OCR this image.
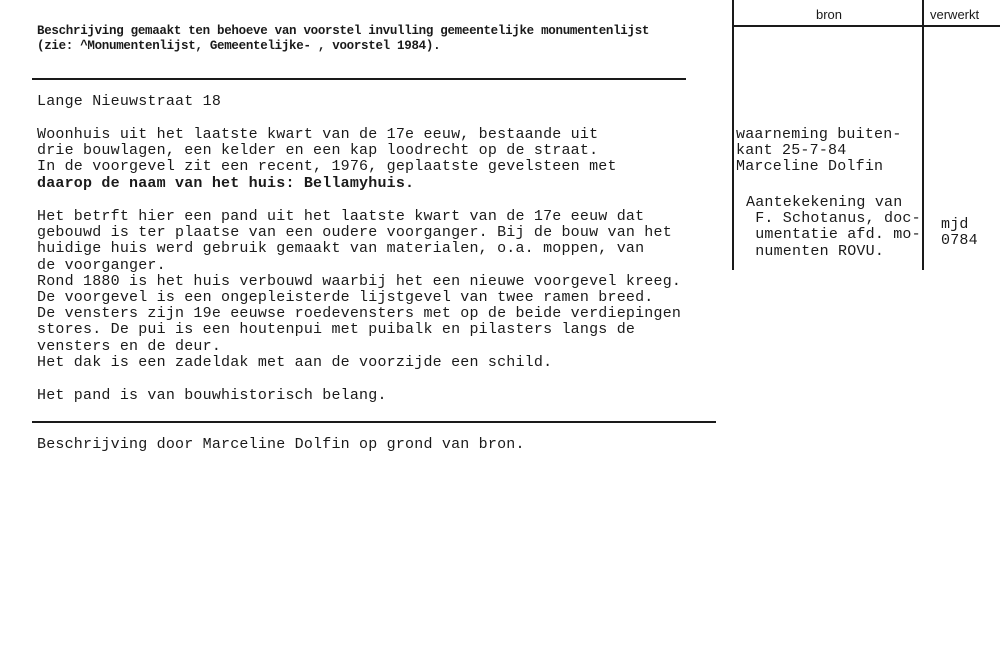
Beschrijving gemaakt ten behoeve van voorstel invulling gemeentelijke monumentenlijst
(zie: ^Monumentenlijst, Gemeentelijke- , voorstel 1984).
bron	verwerkt
Lange Nieuwstraat 18
Woonhuis uit het laatste kwart van de 17e eeuw, bestaande uit
drie bouwlagen, een kelder en een kap loodrecht op de straat.
In de voorgevel zit een recent, 1976, geplaatste gevelsteen met
daarop de naam van het huis: Bellamyhuis.
Het betrft hier een pand uit het laatste kwart van de 17e eeuw dat
gebouwd is ter plaatse van een oudere voorganger. Bij de bouw van het
huidige huis werd gebruik gemaakt van materialen, o.a. moppen, van
de voorganger.
Rond 1880 is het huis verbouwd waarbij het een nieuwe voorgevel kreeg.
De voorgevel is een ongepleisterde lijstgevel van twee ramen breed.
De vensters zijn 19e eeuwse roedevensters met op de beide verdiepingen
stores. De pui is een houtenpui met puibalk en pilasters langs de
vensters en de deur.
Het dak is een zadeldak met aan de voorzijde een schild.
Het pand is van bouwhistorisch belang.
Beschrijving door Marceline Dolfin op grond van bron.
waarneming buiten-
kant 25-7-84
Marceline Dolfin
Aantekekening van
F. Schotanus, doc-
umentatie afd. mo-
numenten ROVU.
mjd
0784
